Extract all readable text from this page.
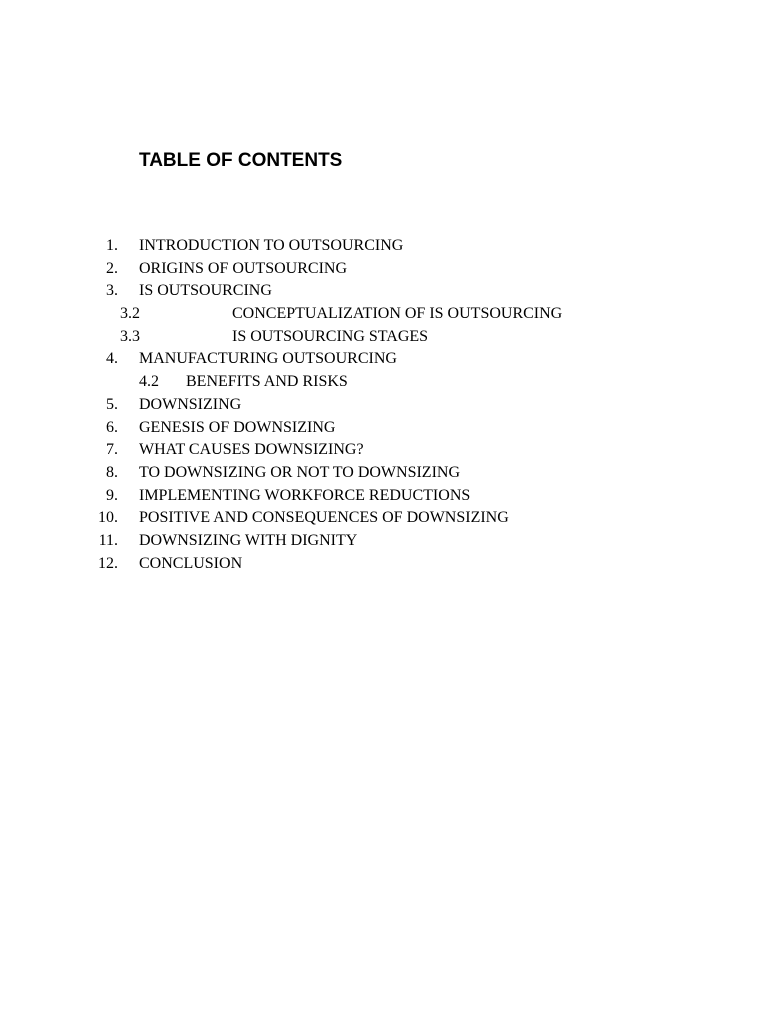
TABLE OF CONTENTS
1. INTRODUCTION TO OUTSOURCING
2. ORIGINS OF OUTSOURCING
3. IS OUTSOURCING
3.2	CONCEPTUALIZATION OF IS OUTSOURCING
3.3	IS OUTSOURCING STAGES
4. MANUFACTURING OUTSOURCING
4.2 BENEFITS AND RISKS
5. DOWNSIZING
6. GENESIS OF DOWNSIZING
7. WHAT CAUSES DOWNSIZING?
8. TO DOWNSIZING OR NOT TO DOWNSIZING
9. IMPLEMENTING WORKFORCE REDUCTIONS
10. POSITIVE AND CONSEQUENCES OF DOWNSIZING
11. DOWNSIZING WITH DIGNITY
12. CONCLUSION
